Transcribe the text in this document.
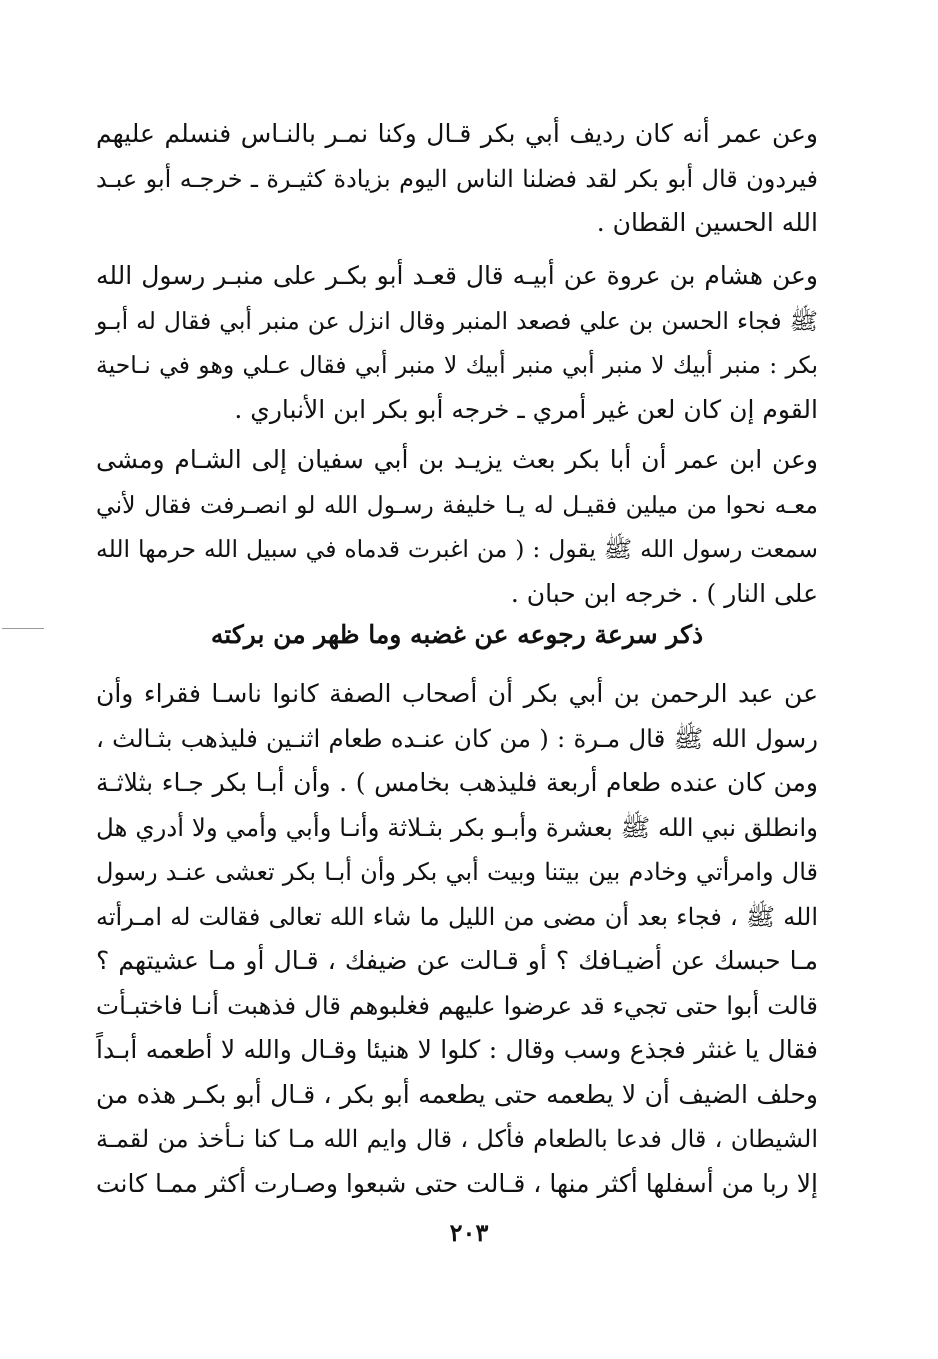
وعن عمر أنه كان رديف أبي بكر قـال وكنا نمـر بالنـاس فنسلم عليهم
فيردون قال أبو بكر لقد فضلنا الناس اليوم بزيادة كثيـرة ـ خرجـه أبو عبـد
الله الحسين القطان .
وعن هشام بن عروة عن أبيـه قال قعـد أبو بكـر على منبـر رسول الله
ﷺ فجاء الحسن بن علي فصعد المنبر وقال انزل عن منبر أبي فقال له أبـو
بكر : منبر أبيك لا منبر أبي منبر أبيك لا منبر أبي فقال عـلي وهو في نـاحية
القوم إن كان لعن غير أمري ـ خرجه أبو بكر ابن الأنباري .
وعن ابن عمر أن أبا بكر بعث يزيـد بن أبي سفيان إلى الشـام ومشى
معـه نحوا من ميلين فقيـل له يـا خليفة رسـول الله لو انصـرفت فقال لأني
سمعت رسول الله ﷺ يقول : ( من اغبرت قدماه في سبيل الله حرمها الله
على النار ) . خرجه ابن حبان .
ذكر سرعة رجوعه عن غضبه وما ظهر من بركته
عن عبد الرحمن بن أبي بكر أن أصحاب الصفة كانوا ناسـا فقراء وأن
رسول الله ﷺ قال مـرة : ( من كان عنـده طعام اثنـين فليذهب بثـالث ،
ومن كان عنده طعام أربعة فليذهب بخامس ) . وأن أبـا بكر جـاء بثلاثـة
وانطلق نبي الله ﷺ بعشرة وأبـو بكر بثـلاثة وأنـا وأبي وأمي ولا أدري هل
قال وامرأتي وخادم بين بيتنا وبيت أبي بكر وأن أبـا بكر تعشى عنـد رسول
الله ﷺ ، فجاء بعد أن مضى من الليل ما شاء الله تعالى فقالت له امـرأته
مـا حبسك عن أضيـافك ؟ أو قـالت عن ضيفك ، قـال أو مـا عشيتهم ؟
قالت أبوا حتى تجيء قد عرضوا عليهم فغلبوهم قال فذهبت أنـا فاختبـأت
فقال يا غنثر فجذع وسب وقال : كلوا لا هنيئا وقـال والله لا أطعمه أبـداً
وحلف الضيف أن لا يطعمه حتى يطعمه أبو بكر ، قـال أبو بكـر هذه من
الشيطان ، قال فدعا بالطعام فأكل ، قال وايم الله مـا كنا نـأخذ من لقمـة
إلا ربا من أسفلها أكثر منها ، قـالت حتى شبعوا وصـارت أكثر ممـا كانت
٢٠٣
